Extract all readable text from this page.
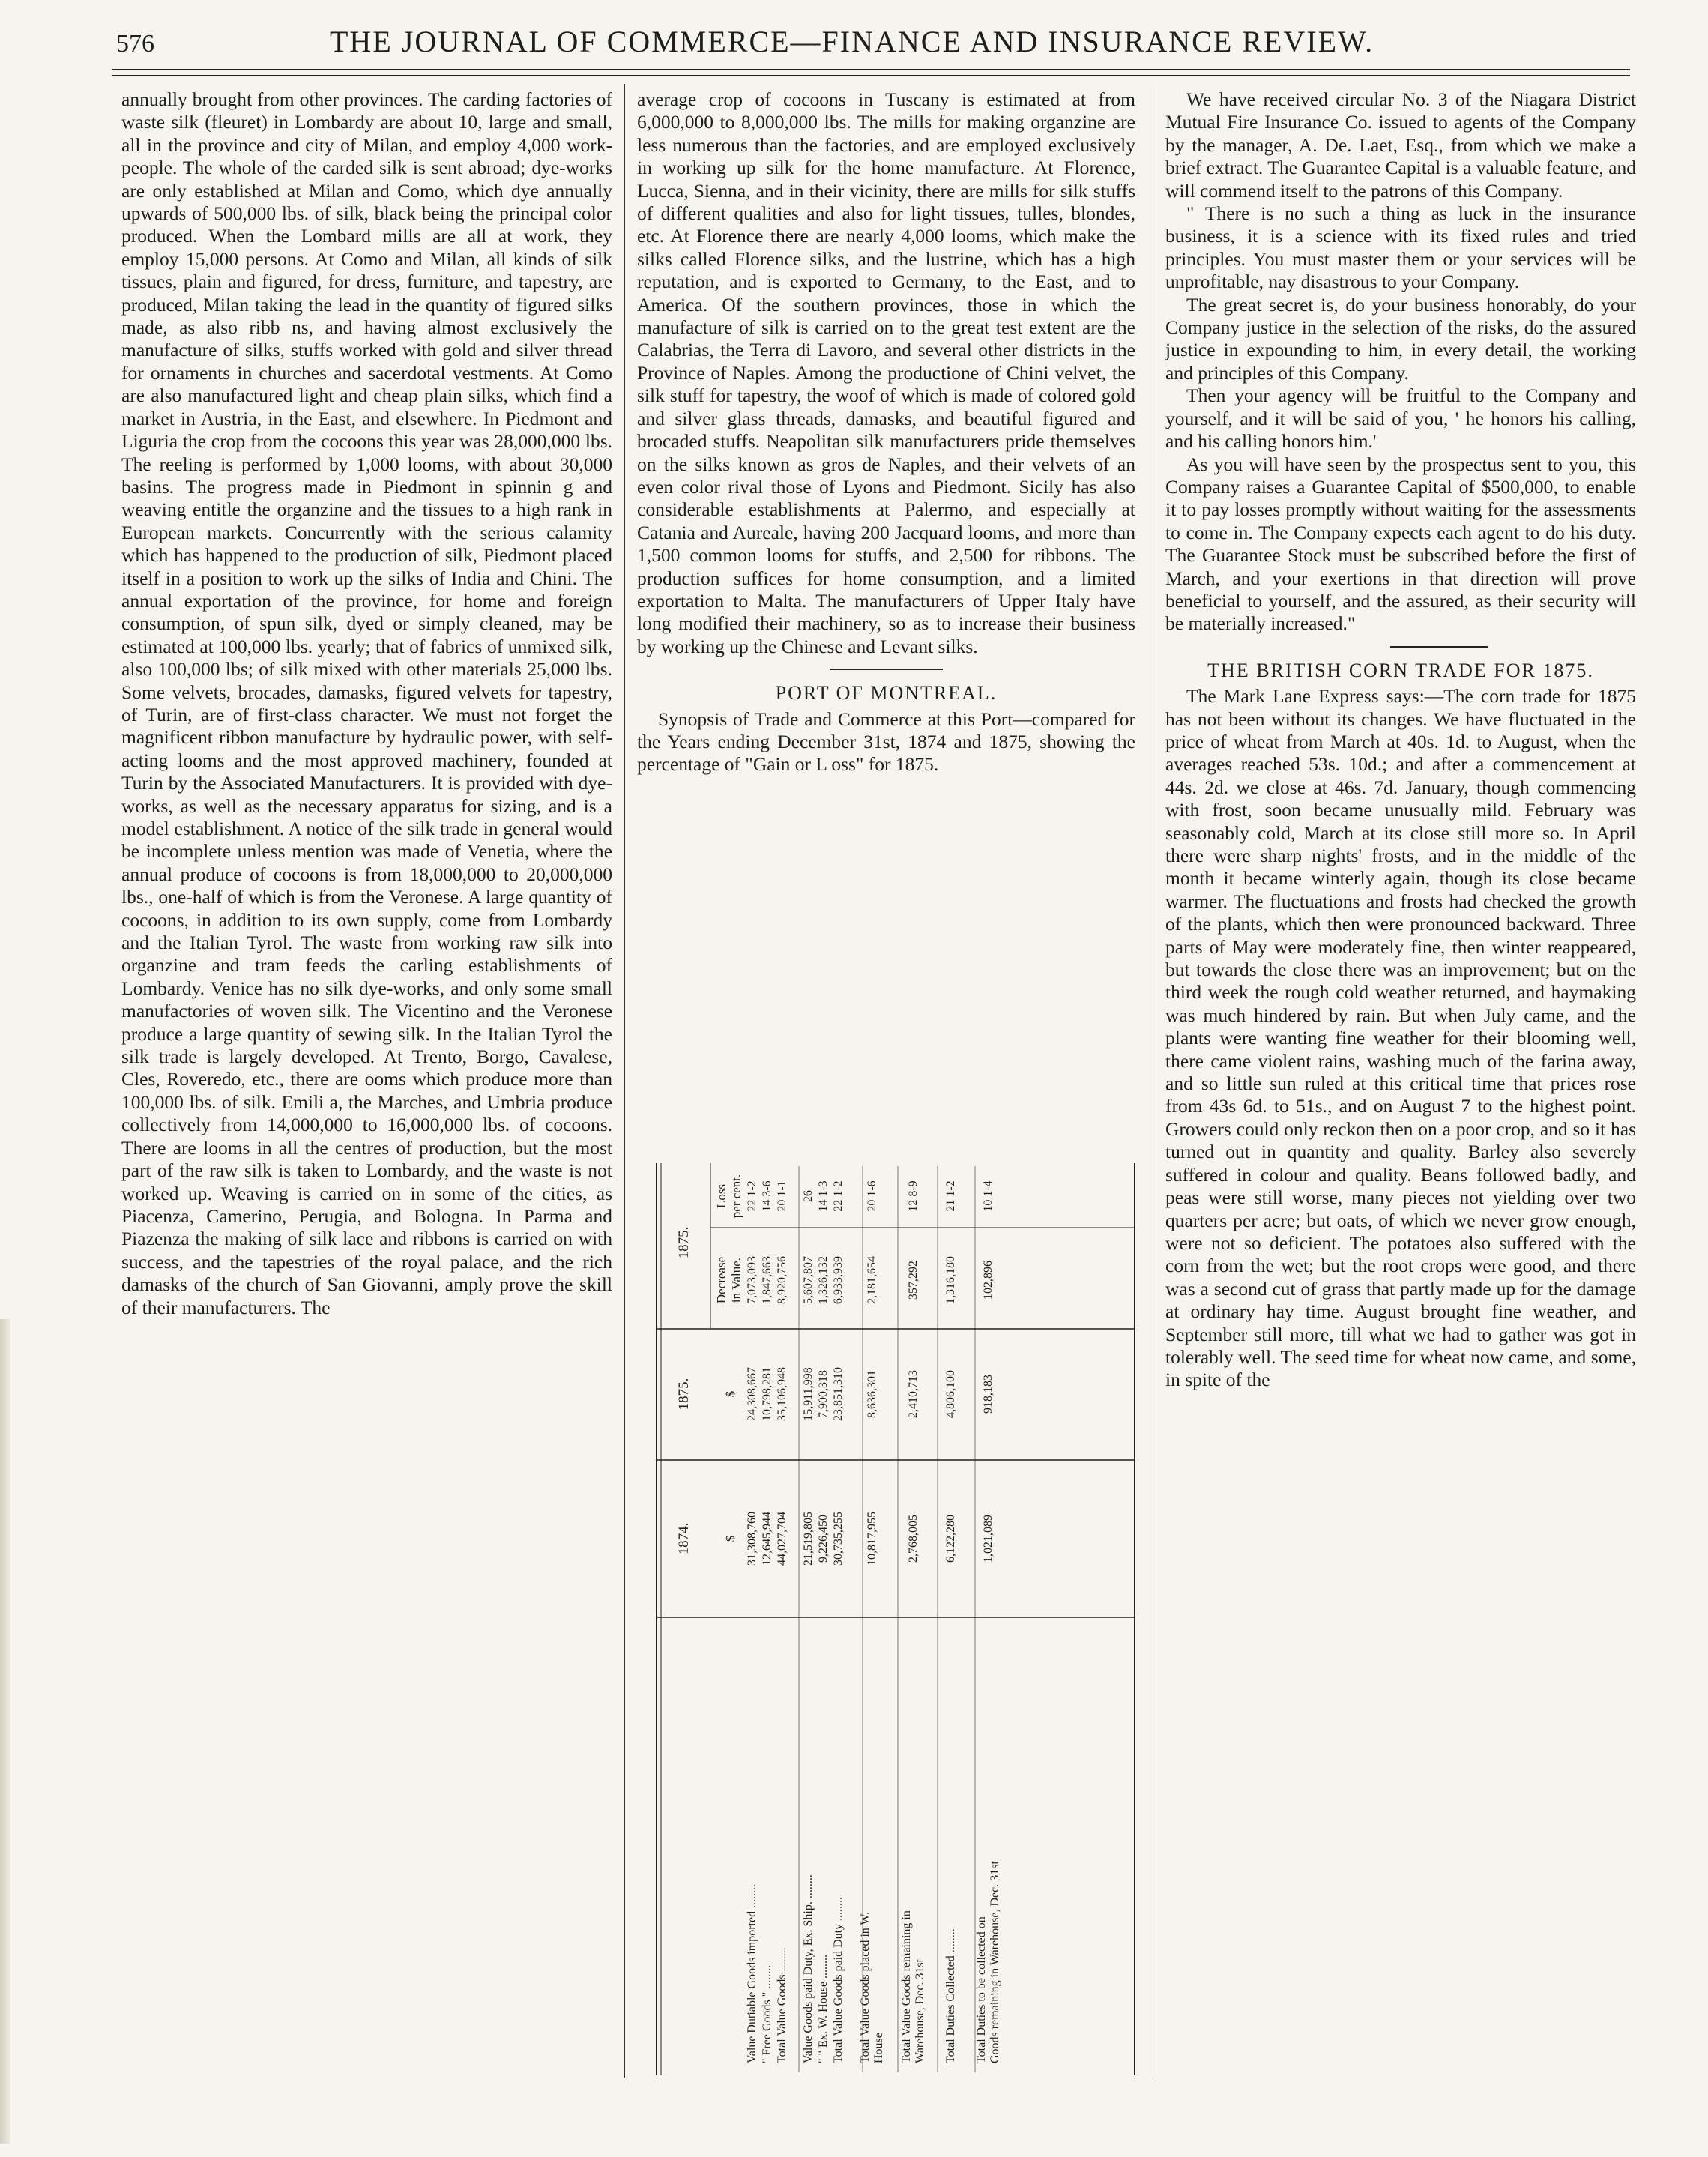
576	THE JOURNAL OF COMMERCE—FINANCE AND INSURANCE REVIEW.

annually brought from other provinces. The carding factories of waste silk (fleuret) in Lombardy are about 10, large and small, all in the province and city of Milan, and employ 4,000 work-people. The whole of the carded silk is sent abroad; dye-works are only established at Milan and Como, which dye annually upwards of 500,000 lbs. of silk, black being the principal color produced. When the Lombard mills are all at work, they employ 15,000 persons. At Como and Milan, all kinds of silk tissues, plain and figured, for dress, furniture, and tapestry, are produced, Milan taking the lead in the quantity of figured silks made, as also ribb ns, and having almost exclusively the manufacture of silks, stuffs worked with gold and silver thread for ornaments in churches and sacerdotal vestments. At Como are also manufactured light and cheap plain silks, which find a market in Austria, in the East, and elsewhere. In Piedmont and Liguria the crop from the cocoons this year was 28,000,000 lbs. The reeling is performed by 1,000 looms, with about 30,000 basins. The progress made in Piedmont in spinnin g and weaving entitle the organzine and the tissues to a high rank in European markets. Concurrently with the serious calamity which has happened to the production of silk, Piedmont placed itself in a position to work up the silks of India and Chini. The annual exportation of the province, for home and foreign consumption, of spun silk, dyed or simply cleaned, may be estimated at 100,000 lbs. yearly; that of fabrics of unmixed silk, also 100,000 lbs; of silk mixed with other materials 25,000 lbs. Some velvets, brocades, damasks, figured velvets for tapestry, of Turin, are of first-class character. We must not forget the magnificent ribbon manufacture by hydraulic power, with self-acting looms and the most approved machinery, founded at Turin by the Associated Manufacturers. It is provided with dye-works, as well as the necessary apparatus for sizing, and is a model establishment. A notice of the silk trade in general would be incomplete unless mention was made of Venetia, where the annual produce of cocoons is from 18,000,000 to 20,000,000 lbs., one-half of which is from the Veronese. A large quantity of cocoons, in addition to its own supply, come from Lombardy and the Italian Tyrol. The waste from working raw silk into organzine and tram feeds the carling establishments of Lombardy. Venice has no silk dye-works, and only some small manufactories of woven silk. The Vicentino and the Veronese produce a large quantity of sewing silk. In the Italian Tyrol the silk trade is largely developed. At Trento, Borgo, Cavalese, Cles, Roveredo, etc., there are ooms which produce more than 100,000 lbs. of silk. Emili a, the Marches, and Umbria produce collectively from 14,000,000 to 16,000,000 lbs. of cocoons. There are looms in all the centres of production, but the most part of the raw silk is taken to Lombardy, and the waste is not worked up. Weaving is carried on in some of the cities, as Piacenza, Camerino, Perugia, and Bologna. In Parma and Piazenza the making of silk lace and ribbons is carried on with success, and the tapestries of the royal palace, and the rich damasks of the church of San Giovanni, amply prove the skill of their manufacturers. The

average crop of cocoons in Tuscany is estimated at from 6,000,000 to 8,000,000 lbs. The mills for making organzine are less numerous than the factories, and are employed exclusively in working up silk for the home manufacture. At Florence, Lucca, Sienna, and in their vicinity, there are mills for silk stuffs of different qualities and also for light tissues, tulles, blondes, etc. At Florence there are nearly 4,000 looms, which make the silks called Florence silks, and the lustrine, which has a high reputation, and is exported to Germany, to the East, and to America. Of the southern provinces, those in which the manufacture of silk is carried on to the great test extent are the Calabrias, the Terra di Lavoro, and several other districts in the Province of Naples. Among the productione of Chini velvet, the silk stuff for tapestry, the woof of which is made of colored gold and silver glass threads, damasks, and beautiful figured and brocaded stuffs. Neapolitan silk manufacturers pride themselves on the silks known as gros de Naples, and their velvets of an even color rival those of Lyons and Piedmont. Sicily has also considerable establishments at Palermo, and especially at Catania and Aureale, having 200 Jacquard looms, and more than 1,500 common looms for stuffs, and 2,500 for ribbons. The production suffices for home consumption, and a limited exportation to Malta. The manufacturers of Upper Italy have long modified their machinery, so as to increase their business by working up the Chinese and Levant silks.

PORT OF MONTREAL.

Synopsis of Trade and Commerce at this Port—compared for the Years ending December 31st, 1874 and 1875, showing the percentage of "Gain or L oss" for 1875.

1875.
1874.
1875.
Decrease in Value.
Loss per cent.
$
$
Value Dutiable Goods imported ........
31,308,760
24,308,667
7,073,093
22 1-2
" Free Goods " ........
12,645,944
10,798,281
1,847,663
14 3-6
Total Value Goods ........
44,027,704
35,106,948
8,920,756
20 1-1
Value Goods paid Duty, Ex. Ship. ........
21,519,805
15,911,998
5,607,807
26
" " Ex. W. House ........
9,226,450
7,900,318
1,326,132
14 1-3
Total Value Goods paid Duty ........
30,735,255
23,851,310
6,933,939
22 1-2
Total Value Goods placed in W. House
10,817,955
8,636,301
2,181,654
20 1-6
Total Value Goods remaining in Warehouse, Dec. 31st
2,768,005
2,410,713
357,292
12 8-9
Total Duties Collected ........
6,122,280
4,806,100
1,316,180
21 1-2
Total Duties to be collected on Goods remaining in Warehouse, Dec. 31st
1,021,089
918,183
102,896
10 1-4

We have received circular No. 3 of the Niagara District Mutual Fire Insurance Co. issued to agents of the Company by the manager, A. De. Laet, Esq., from which we make a brief extract. The Guarantee Capital is a valuable feature, and will commend itself to the patrons of this Company.

" There is no such a thing as luck in the insurance business, it is a science with its fixed rules and tried principles. You must master them or your services will be unprofitable, nay disastrous to your Company.

The great secret is, do your business honorably, do your Company justice in the selection of the risks, do the assured justice in expounding to him, in every detail, the working and principles of this Company.

Then your agency will be fruitful to the Company and yourself, and it will be said of you, ' he honors his calling, and his calling honors him.'

As you will have seen by the prospectus sent to you, this Company raises a Guarantee Capital of $500,000, to enable it to pay losses promptly without waiting for the assessments to come in. The Company expects each agent to do his duty. The Guarantee Stock must be subscribed before the first of March, and your exertions in that direction will prove beneficial to yourself, and the assured, as their security will be materially increased."

THE BRITISH CORN TRADE FOR 1875.

The Mark Lane Express says:—The corn trade for 1875 has not been without its changes. We have fluctuated in the price of wheat from March at 40s. 1d. to August, when the averages reached 53s. 10d.; and after a commencement at 44s. 2d. we close at 46s. 7d. January, though commencing with frost, soon became unusually mild. February was seasonably cold, March at its close still more so. In April there were sharp nights' frosts, and in the middle of the month it became winterly again, though its close became warmer. The fluctuations and frosts had checked the growth of the plants, which then were pronounced backward. Three parts of May were moderately fine, then winter reappeared, but towards the close there was an improvement; but on the third week the rough cold weather returned, and haymaking was much hindered by rain. But when July came, and the plants were wanting fine weather for their blooming well, there came violent rains, washing much of the farina away, and so little sun ruled at this critical time that prices rose from 43s 6d. to 51s., and on August 7 to the highest point. Growers could only reckon then on a poor crop, and so it has turned out in quantity and quality. Barley also severely suffered in colour and quality. Beans followed badly, and peas were still worse, many pieces not yielding over two quarters per acre; but oats, of which we never grow enough, were not so deficient. The potatoes also suffered with the corn from the wet; but the root crops were good, and there was a second cut of grass that partly made up for the damage at ordinary hay time. August brought fine weather, and September still more, till what we had to gather was got in tolerably well. The seed time for wheat now came, and some, in spite of the
